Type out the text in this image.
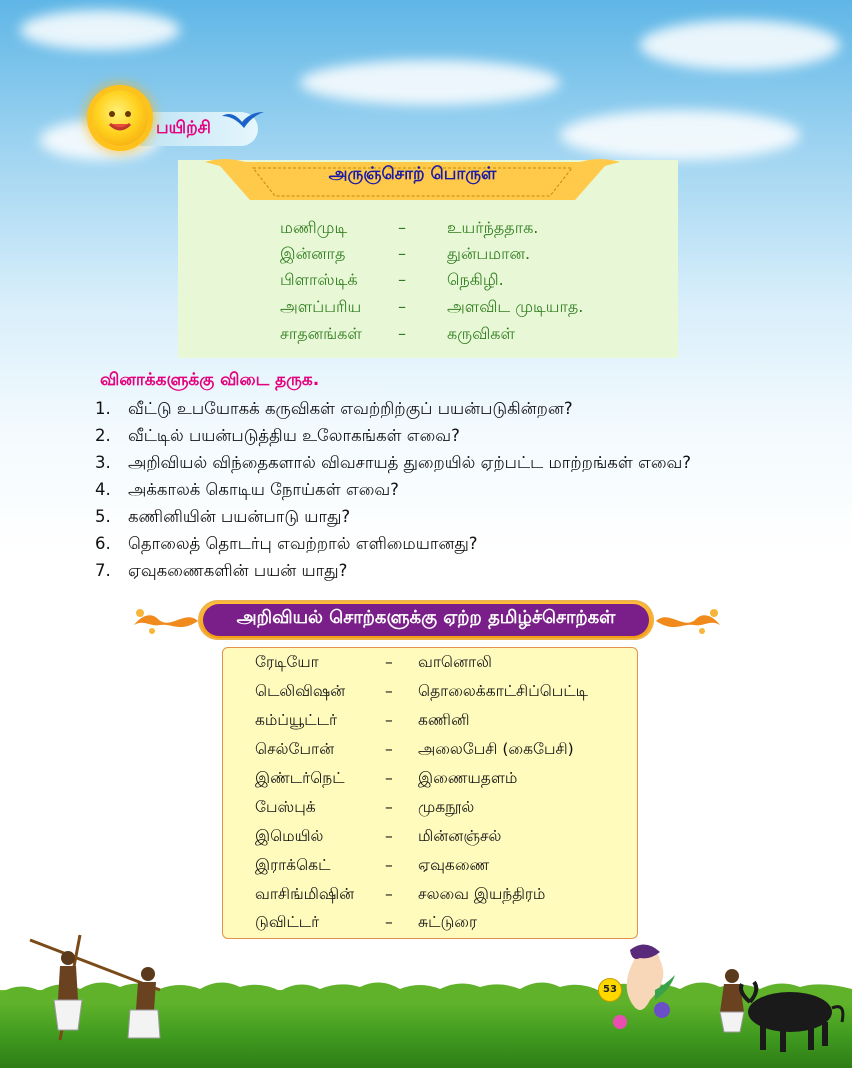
பயிற்சி
அருஞ்சொற் பொருள்
மணிமுடி	–	உயர்ந்ததாக.
இன்னாத	–	துன்பமான.
பிளாஸ்டிக்	–	நெகிழி.
அளப்பரிய –	அளவிட முடியாத.
சாதனங்கள் –	கருவிகள்
வினாக்களுக்கு விடை தருக.
1. வீட்டு உபயோகக் கருவிகள் எவற்றிற்குப் பயன்படுகின்றன?
2. வீட்டில் பயன்படுத்திய உலோகங்கள் எவை?
3. அறிவியல் விந்தைகளால் விவசாயத் துறையில் ஏற்பட்ட மாற்றங்கள் எவை?
4. அக்காலக் கொடிய நோய்கள் எவை?
5. கணினியின் பயன்பாடு யாது?
6. தொலைத் தொடர்பு எவற்றால் எளிமையானது?
7. ஏவுகணைகளின் பயன் யாது?
அறிவியல் சொற்களுக்கு ஏற்ற தமிழ்ச்சொற்கள்
ரேடியோ	– வானொலி
டெலிவிஷன்	– தொலைக்காட்சிப்பெட்டி
கம்ப்யூட்டர்	– கணினி
செல்போன்	– அலைபேசி (கைபேசி)
இண்டர்நெட்	– இணையதளம்
பேஸ்புக்	– முகநூல்
இமெயில்	– மின்னஞ்சல்
இராக்கெட்	– ஏவுகணை
வாசிங்மிஷின் – சலவை இயந்திரம்
டுவிட்டர்	– சுட்டுரை
53
